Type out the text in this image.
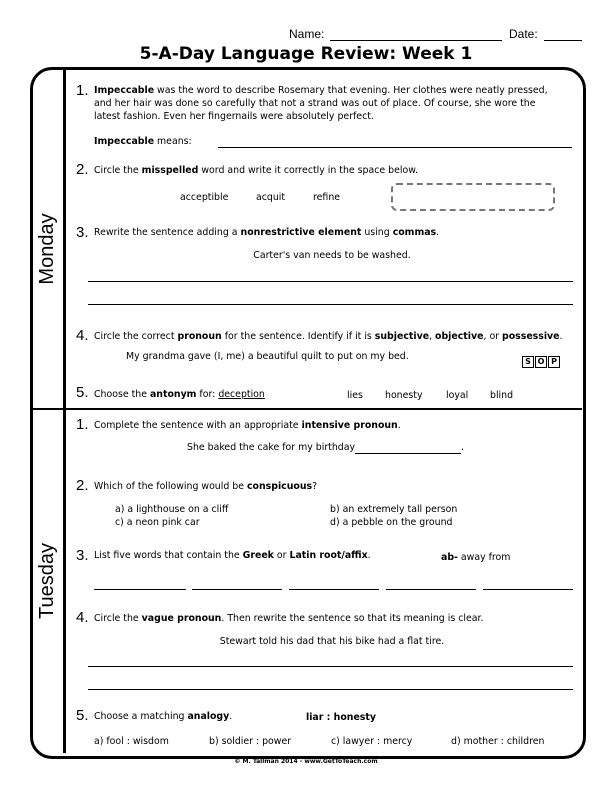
Name:	Date:
5-A-Day Language Review: Week 1
Monday
Tuesday
1. Impeccable was the word to describe Rosemary that evening. Her clothes were neatly pressed,
and her hair was done so carefully that not a strand was out of place. Of course, she wore the
latest fashion. Even her fingernails were absolutely perfect.
Impeccable means:
2. Circle the misspelled word and write it correctly in the space below.
acceptible	acquit	refine
3. Rewrite the sentence adding a nonrestrictive element using commas.
Carter's van needs to be washed.
4. Circle the correct pronoun for the sentence. Identify if it is subjective, objective, or possessive.
My grandma gave (I, me) a beautiful quilt to put on my bed.	S O P
5. Choose the antonym for: deception	lies honesty	loyal blind
1. Complete the sentence with an appropriate intensive pronoun.
She baked the cake for my birthday	.
2. Which of the following would be conspicuous?
a) a lighthouse on a cliff	b) an extremely tall person
c) a neon pink car	d) a pebble on the ground
3. List five words that contain the Greek or Latin root/affix.	ab- away from
4. Circle the vague pronoun. Then rewrite the sentence so that its meaning is clear.
Stewart told his dad that his bike had a flat tire.
5. Choose a matching analogy.	liar : honesty
a) fool : wisdom	b) soldier : power	c) lawyer : mercy	d) mother : children
© M. Tallman 2014 - www.GetToTeach.com
